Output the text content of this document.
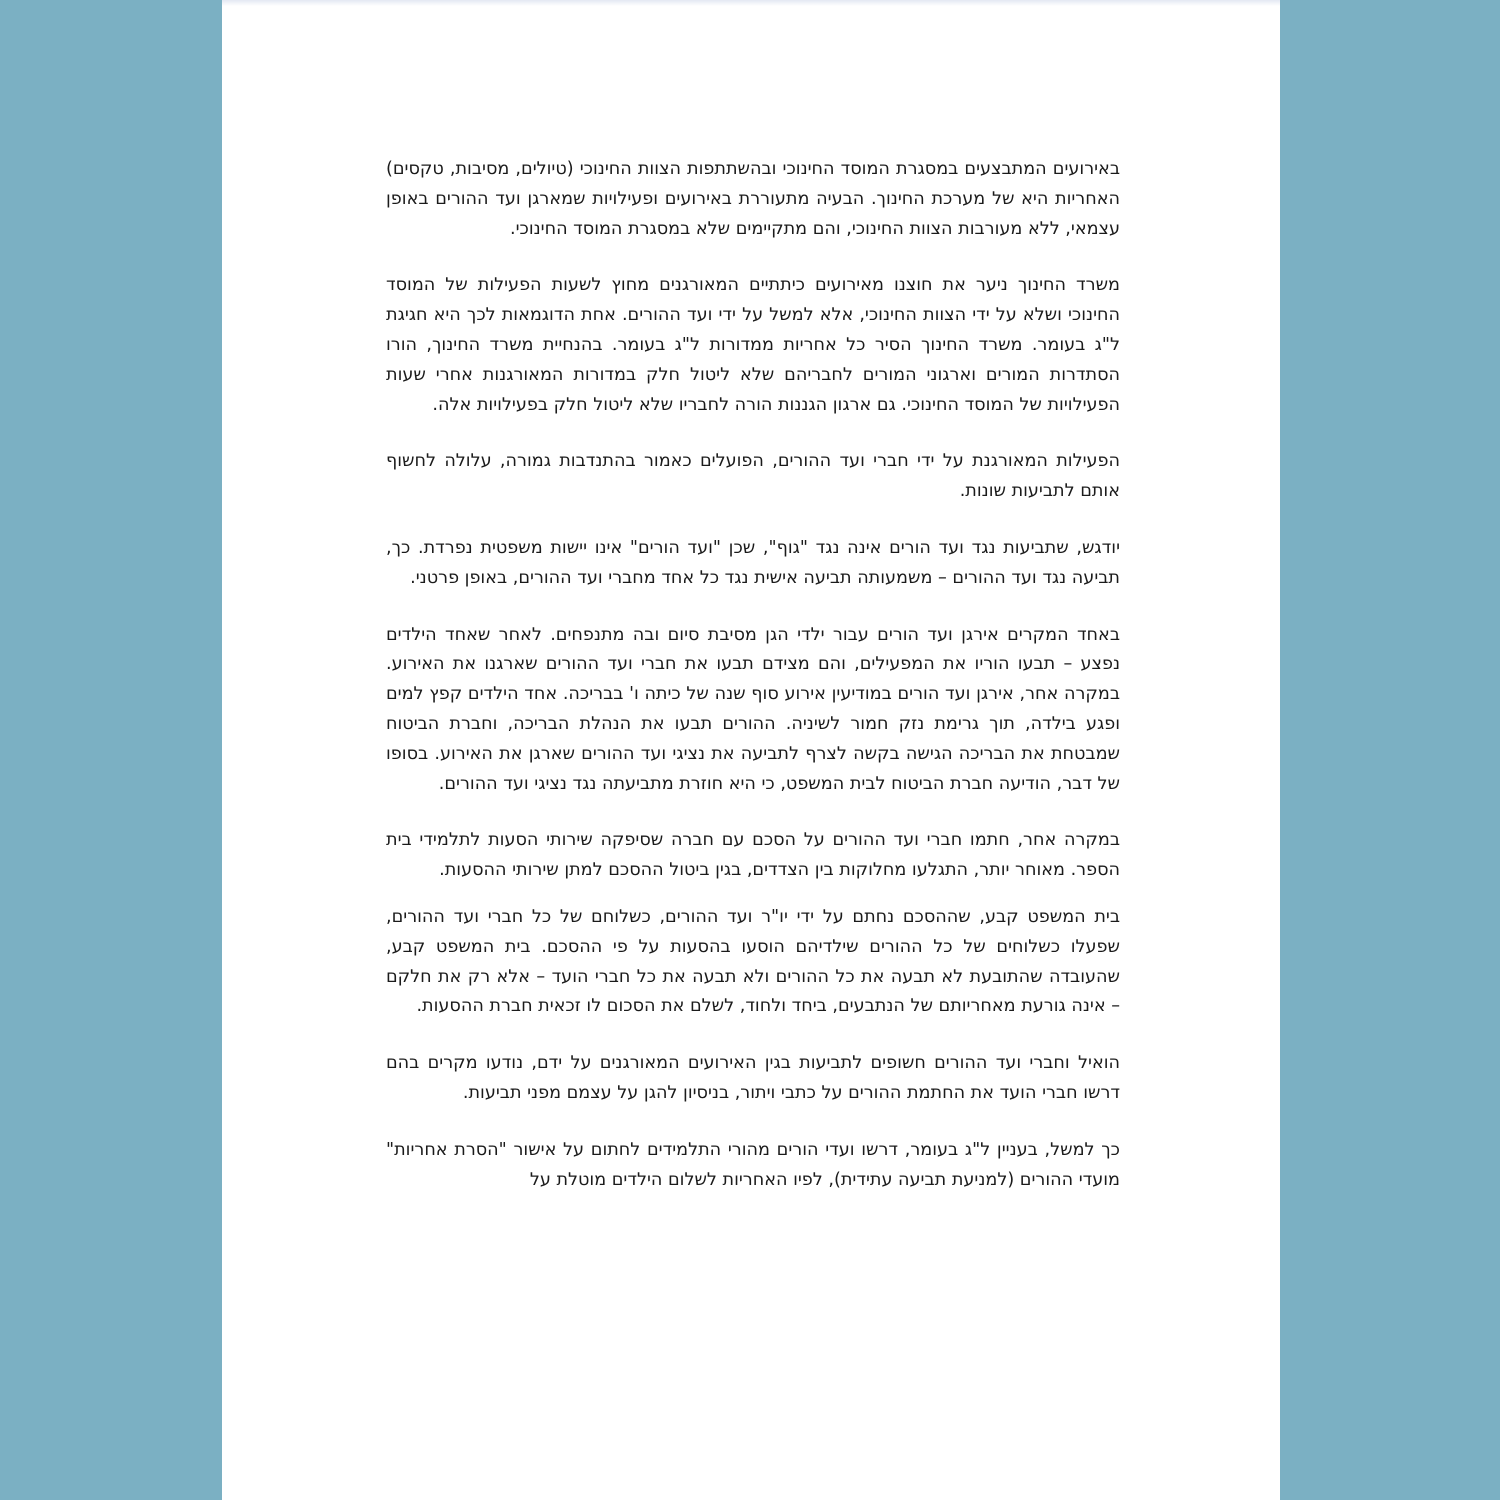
באירועים המתבצעים במסגרת המוסד החינוכי ובהשתתפות הצוות החינוכי (טיולים, מסיבות, טקסים) האחריות היא של מערכת החינוך. הבעיה מתעוררת באירועים ופעילויות שמארגן ועד ההורים באופן עצמאי, ללא מעורבות הצוות החינוכי, והם מתקיימים שלא במסגרת המוסד החינוכי.

משרד החינוך ניער את חוצנו מאירועים כיתתיים המאורגנים מחוץ לשעות הפעילות של המוסד החינוכי ושלא על ידי הצוות החינוכי, אלא למשל על ידי ועד ההורים. אחת הדוגמאות לכך היא חגיגת ל"ג בעומר. משרד החינוך הסיר כל אחריות ממדורות ל"ג בעומר. בהנחיית משרד החינוך, הורו הסתדרות המורים וארגוני המורים לחבריהם שלא ליטול חלק במדורות המאורגנות אחרי שעות הפעילויות של המוסד החינוכי. גם ארגון הגננות הורה לחבריו שלא ליטול חלק בפעילויות אלה.

הפעילות המאורגנת על ידי חברי ועד ההורים, הפועלים כאמור בהתנדבות גמורה, עלולה לחשוף אותם לתביעות שונות.

יודגש, שתביעות נגד ועד הורים אינה נגד "גוף", שכן "ועד הורים" אינו יישות משפטית נפרדת. כך, תביעה נגד ועד ההורים – משמעותה תביעה אישית נגד כל אחד מחברי ועד ההורים, באופן פרטני.

באחד המקרים אירגן ועד הורים עבור ילדי הגן מסיבת סיום ובה מתנפחים. לאחר שאחד הילדים נפצע – תבעו הוריו את המפעילים, והם מצידם תבעו את חברי ועד ההורים שארגנו את האירוע. במקרה אחר, אירגן ועד הורים במודיעין אירוע סוף שנה של כיתה ו' בבריכה. אחד הילדים קפץ למים ופגע בילדה, תוך גרימת נזק חמור לשיניה. ההורים תבעו את הנהלת הבריכה, וחברת הביטוח שמבטחת את הבריכה הגישה בקשה לצרף לתביעה את נציגי ועד ההורים שארגן את האירוע. בסופו של דבר, הודיעה חברת הביטוח לבית המשפט, כי היא חוזרת מתביעתה נגד נציגי ועד ההורים.

במקרה אחר, חתמו חברי ועד ההורים על הסכם עם חברה שסיפקה שירותי הסעות לתלמידי בית הספר. מאוחר יותר, התגלעו מחלוקות בין הצדדים, בגין ביטול ההסכם למתן שירותי ההסעות.

בית המשפט קבע, שההסכם נחתם על ידי יו"ר ועד ההורים, כשלוחם של כל חברי ועד ההורים, שפעלו כשלוחים של כל ההורים שילדיהם הוסעו בהסעות על פי ההסכם. בית המשפט קבע, שהעובדה שהתובעת לא תבעה את כל ההורים ולא תבעה את כל חברי הועד – אלא רק את חלקם – אינה גורעת מאחריותם של הנתבעים, ביחד ולחוד, לשלם את הסכום לו זכאית חברת ההסעות.

הואיל וחברי ועד ההורים חשופים לתביעות בגין האירועים המאורגנים על ידם, נודעו מקרים בהם דרשו חברי הועד את החתמת ההורים על כתבי ויתור, בניסיון להגן על עצמם מפני תביעות.

כך למשל, בעניין ל"ג בעומר, דרשו ועדי הורים מהורי התלמידים לחתום על אישור "הסרת אחריות" מועדי ההורים (למניעת תביעה עתידית), לפיו האחריות לשלום הילדים מוטלת על
